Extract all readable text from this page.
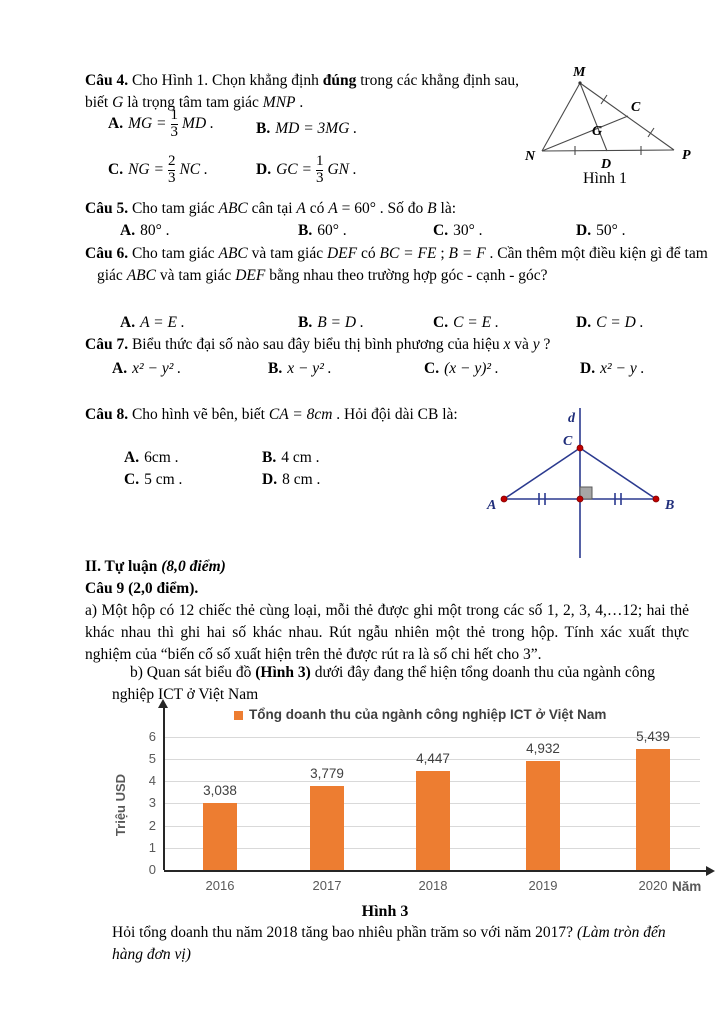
Câu 4. Cho Hình 1. Chọn khẳng định đúng trong các khẳng định sau, biết G là trọng tâm tam giác MNP .
A. MG = $\frac{1}{3}$ MD .	B. MD = 3MG .
C. NG = $\frac{2}{3}$ NC .	D. GC = $\frac{1}{3}$ GN .
M
N	P
C
G
D
Hình 1
Câu 5. Cho tam giác ABC cân tại A có A = 60° . Số đo B là:
A. 80° .	B. 60° .	C. 30° .	D. 50° .
Câu 6. Cho tam giác ABC và tam giác DEF có BC = FE ; B = F . Cần thêm một điều kiện gì để tam giác ABC và tam giác DEF bằng nhau theo trường hợp góc - cạnh - góc?
A. A = E .	B. B = D .	C. C = E .	D. C = D .
Câu 7. Biểu thức đại số nào sau đây biểu thị bình phương của hiệu x và y ?
A. x² − y² .	B. x − y² .	C. (x − y)² .	D. x² − y .
Câu 8. Cho hình vẽ bên, biết CA = 8cm . Hỏi đội dài CB là:
A. 6cm .	B. 4 cm .
C. 5 cm .	D. 8 cm .
d
C
A	B
II. Tự luận (8,0 điểm)
Câu 9 (2,0 điểm).
a) Một hộp có 12 chiếc thẻ cùng loại, mỗi thẻ được ghi một trong các số 1, 2, 3, 4,…12; hai thẻ khác nhau thì ghi hai số khác nhau. Rút ngẫu nhiên một thẻ trong hộp. Tính xác xuất thực nghiệm của “biến cố số xuất hiện trên thẻ được rút ra là số chi hết cho 3”.
b) Quan sát biểu đồ (Hình 3) dưới đây đang thể hiện tổng doanh thu của ngành công nghiệp ICT ở Việt Nam
Tổng doanh thu của ngành công nghiệp ICT ở Việt Nam
Triệu USD
Năm
0
1
2
3
4
5
6
3,038
2016
3,779
2017
4,447
2018
4,932
2019
5,439
2020
Hình 3
Hỏi tổng doanh thu năm 2018 tăng bao nhiêu phần trăm so với năm 2017? (Làm tròn đến hàng đơn vị)
